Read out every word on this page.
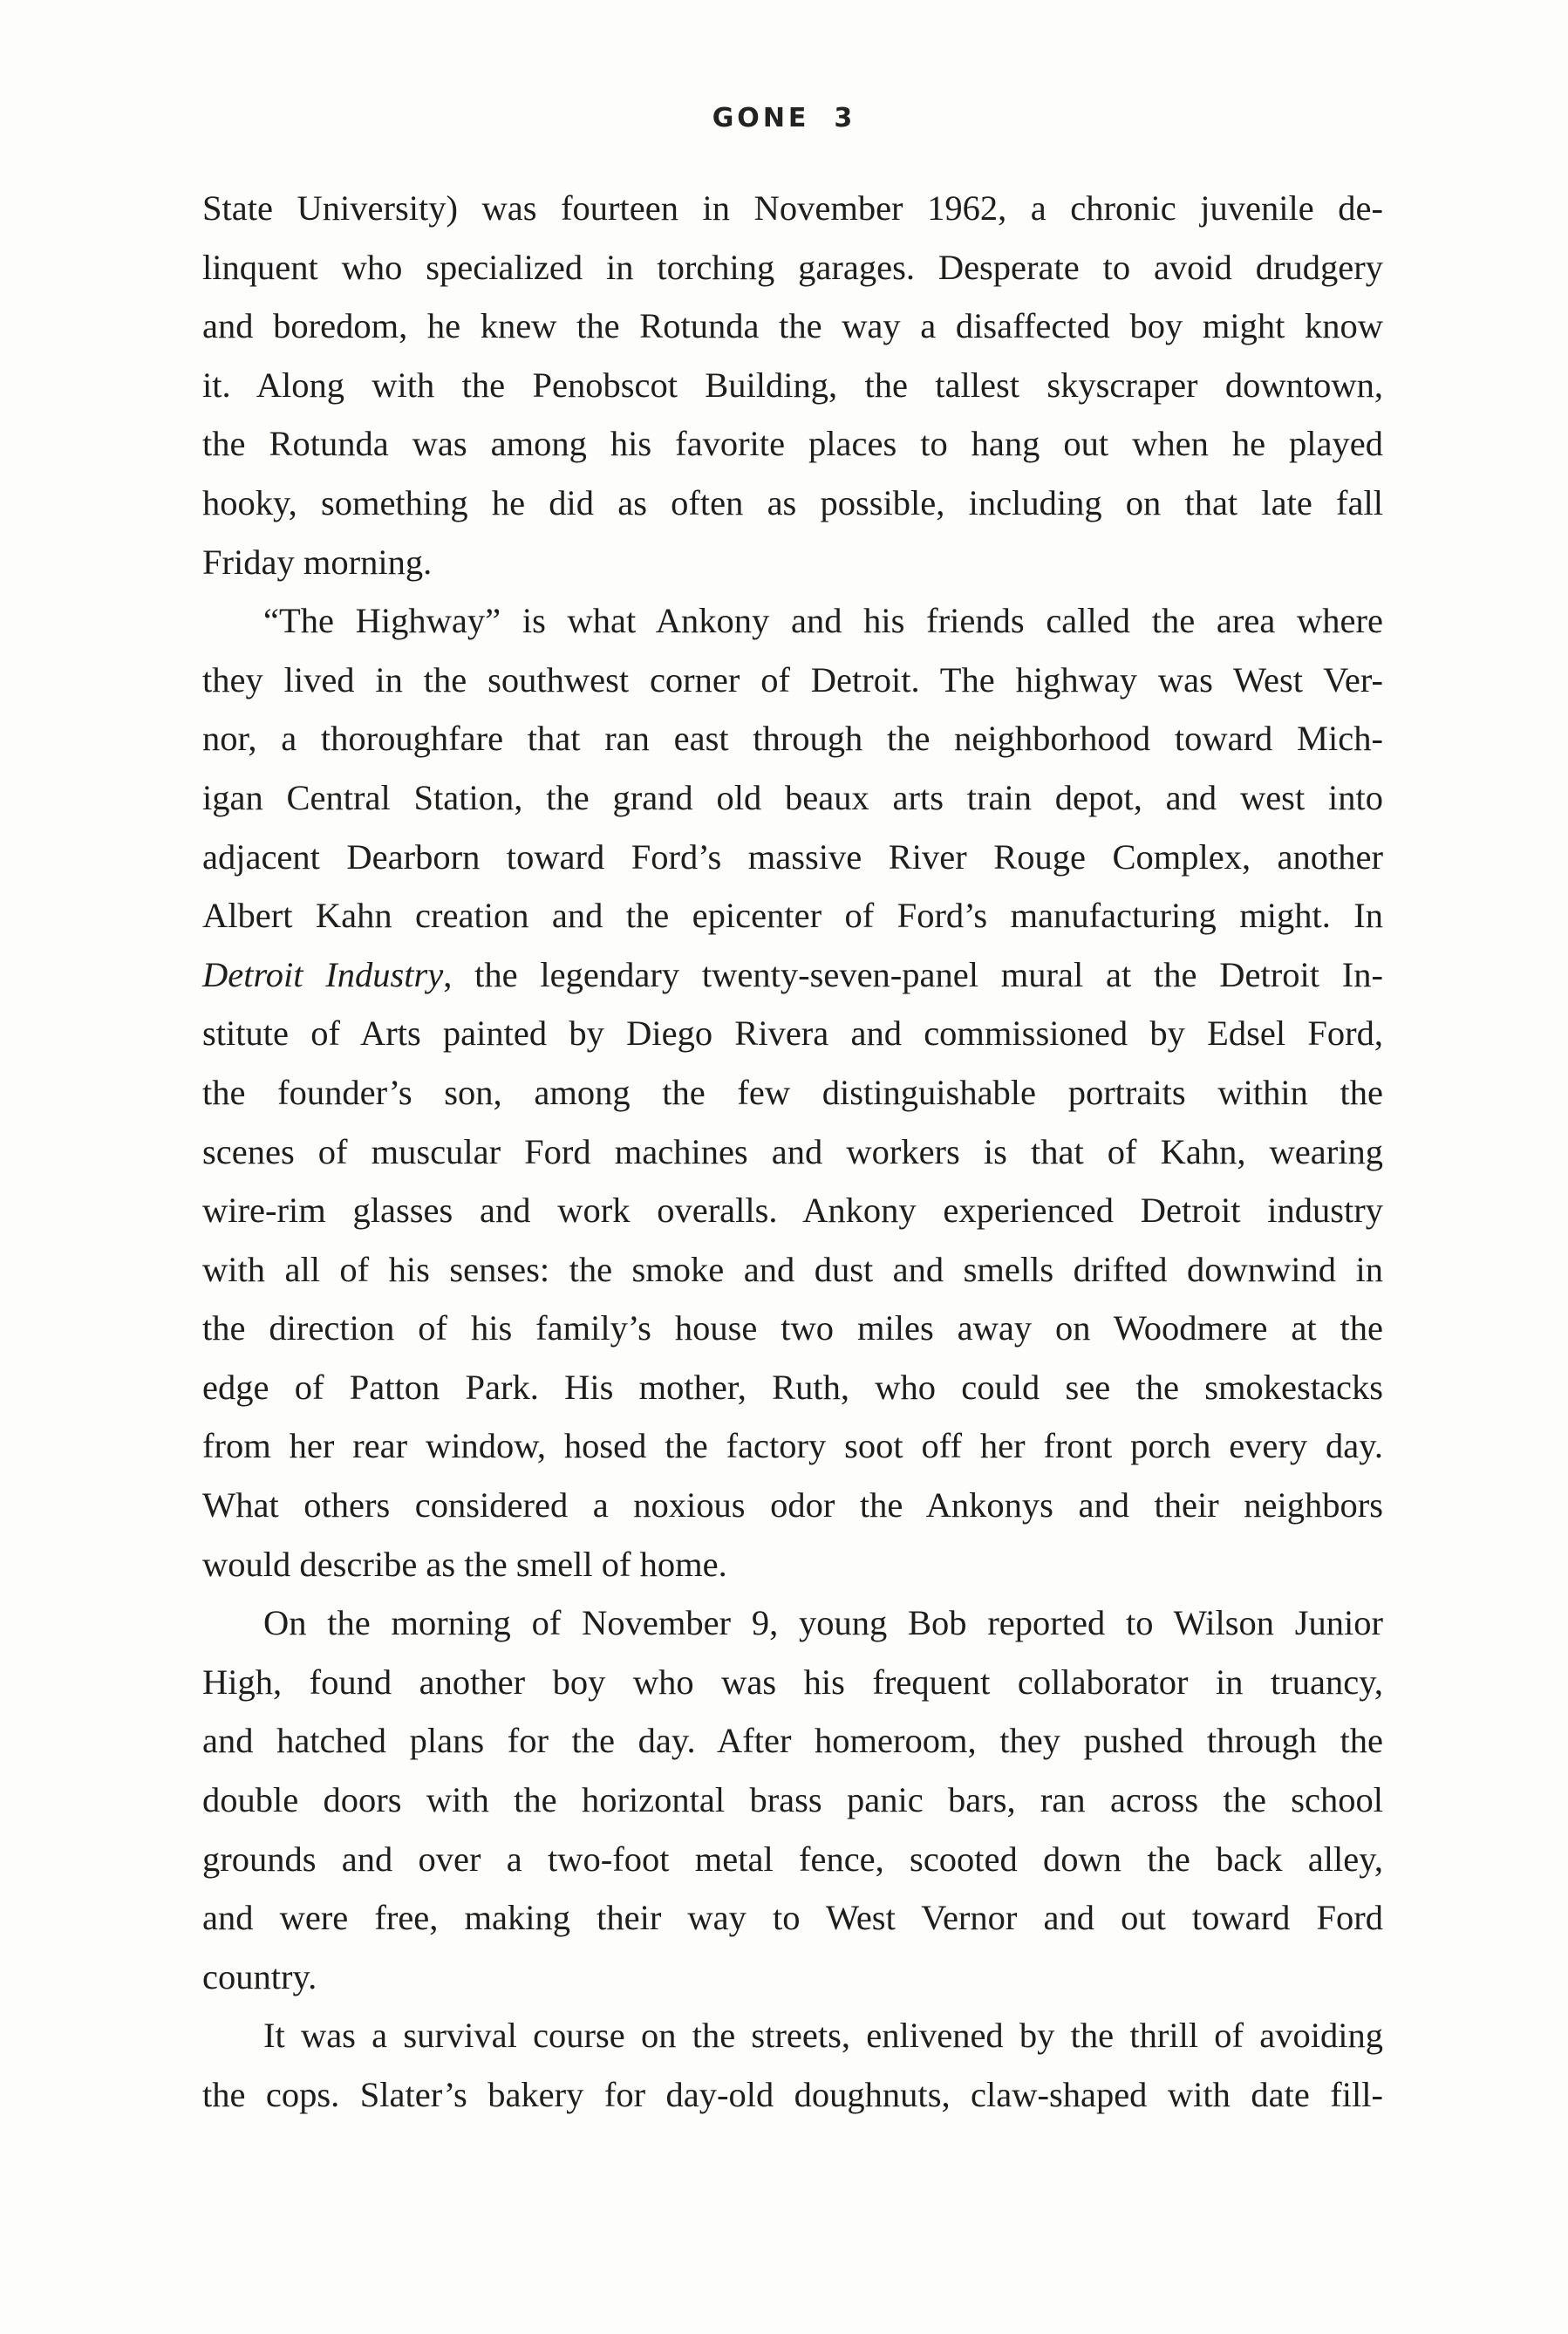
GONE 3

State University) was fourteen in November 1962, a chronic juvenile de-
linquent who specialized in torching garages. Desperate to avoid drudgery
and boredom, he knew the Rotunda the way a disaffected boy might know
it. Along with the Penobscot Building, the tallest skyscraper downtown,
the Rotunda was among his favorite places to hang out when he played
hooky, something he did as often as possible, including on that late fall
Friday morning.

“The Highway” is what Ankony and his friends called the area where
they lived in the southwest corner of Detroit. The highway was West Ver-
nor, a thoroughfare that ran east through the neighborhood toward Mich-
igan Central Station, the grand old beaux arts train depot, and west into
adjacent Dearborn toward Ford’s massive River Rouge Complex, another
Albert Kahn creation and the epicenter of Ford’s manufacturing might. In
Detroit Industry, the legendary twenty-seven-panel mural at the Detroit In-
stitute of Arts painted by Diego Rivera and commissioned by Edsel Ford,
the founder’s son, among the few distinguishable portraits within the
scenes of muscular Ford machines and workers is that of Kahn, wearing
wire-rim glasses and work overalls. Ankony experienced Detroit industry
with all of his senses: the smoke and dust and smells drifted downwind in
the direction of his family’s house two miles away on Woodmere at the
edge of Patton Park. His mother, Ruth, who could see the smokestacks
from her rear window, hosed the factory soot off her front porch every day.
What others considered a noxious odor the Ankonys and their neighbors
would describe as the smell of home.

On the morning of November 9, young Bob reported to Wilson Junior
High, found another boy who was his frequent collaborator in truancy,
and hatched plans for the day. After homeroom, they pushed through the
double doors with the horizontal brass panic bars, ran across the school
grounds and over a two-foot metal fence, scooted down the back alley,
and were free, making their way to West Vernor and out toward Ford
country.

It was a survival course on the streets, enlivened by the thrill of avoiding
the cops. Slater’s bakery for day-old doughnuts, claw-shaped with date fill-
